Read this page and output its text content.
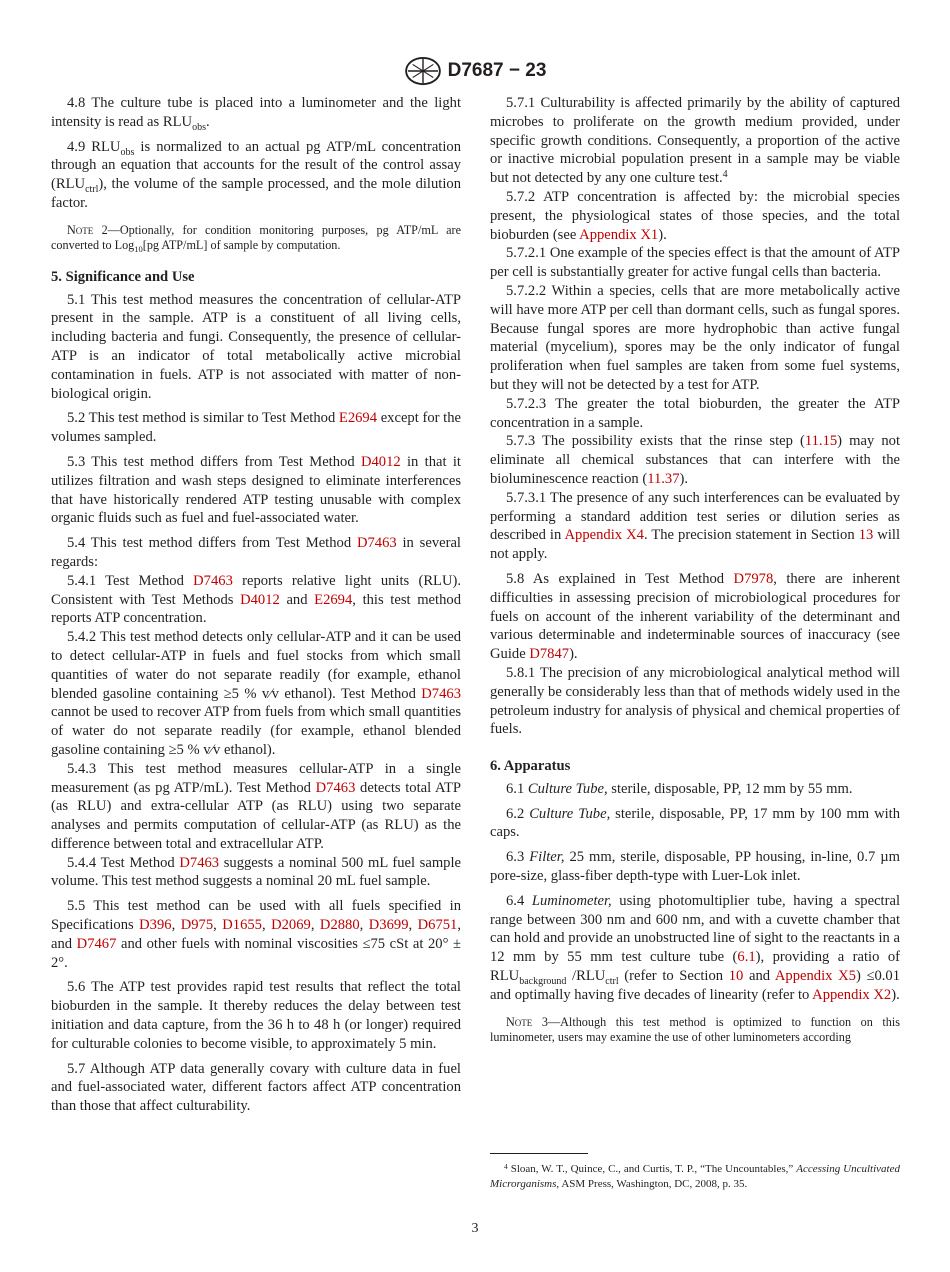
D7687 − 23

4.8 The culture tube is placed into a luminometer and the light intensity is read as $RLU_{obs}$.

4.9 $RLU_{obs}$ is normalized to an actual pg ATP/mL concentration through an equation that accounts for the result of the control assay $(RLU_{ctrl})$, the volume of the sample processed, and the mole dilution factor.

Note 2—Optionally, for condition monitoring purposes, pg ATP/mL are converted to Log$_{10}$[pg ATP/mL] of sample by computation.

5. Significance and Use

5.1 This test method measures the concentration of cellular-ATP present in the sample. ATP is a constituent of all living cells, including bacteria and fungi. Consequently, the presence of cellular-ATP is an indicator of total metabolically active microbial contamination in fuels. ATP is not associated with matter of non-biological origin.

5.2 This test method is similar to Test Method E2694 except for the volumes sampled.

5.3 This test method differs from Test Method D4012 in that it utilizes filtration and wash steps designed to eliminate interferences that have historically rendered ATP testing unusable with complex organic fluids such as fuel and fuel-associated water.

5.4 This test method differs from Test Method D7463 in several regards:

5.4.1 Test Method D7463 reports relative light units (RLU). Consistent with Test Methods D4012 and E2694, this test method reports ATP concentration.

5.4.2 This test method detects only cellular-ATP and it can be used to detect cellular-ATP in fuels and fuel stocks from which small quantities of water do not separate readily (for example, ethanol blended gasoline containing ≥5 % v⁄v ethanol). Test Method D7463 cannot be used to recover ATP from fuels from which small quantities of water do not separate readily (for example, ethanol blended gasoline containing ≥5 % v⁄v ethanol).

5.4.3 This test method measures cellular-ATP in a single measurement (as pg ATP/mL). Test Method D7463 detects total ATP (as RLU) and extra-cellular ATP (as RLU) using two separate analyses and permits computation of cellular-ATP (as RLU) as the difference between total and extracellular ATP.

5.4.4 Test Method D7463 suggests a nominal 500 mL fuel sample volume. This test method suggests a nominal 20 mL fuel sample.

5.5 This test method can be used with all fuels specified in Specifications D396, D975, D1655, D2069, D2880, D3699, D6751, and D7467 and other fuels with nominal viscosities ≤75 cSt at 20° ± 2°.

5.6 The ATP test provides rapid test results that reflect the total bioburden in the sample. It thereby reduces the delay between test initiation and data capture, from the 36 h to 48 h (or longer) required for culturable colonies to become visible, to approximately 5 min.

5.7 Although ATP data generally covary with culture data in fuel and fuel-associated water, different factors affect ATP concentration than those that affect culturability.

5.7.1 Culturability is affected primarily by the ability of captured microbes to proliferate on the growth medium provided, under specific growth conditions. Consequently, a proportion of the active or inactive microbial population present in a sample may be viable but not detected by any one culture test.$^4$

5.7.2 ATP concentration is affected by: the microbial species present, the physiological states of those species, and the total bioburden (see Appendix X1).

5.7.2.1 One example of the species effect is that the amount of ATP per cell is substantially greater for active fungal cells than bacteria.

5.7.2.2 Within a species, cells that are more metabolically active will have more ATP per cell than dormant cells, such as fungal spores. Because fungal spores are more hydrophobic than active fungal material (mycelium), spores may be the only indicator of fungal proliferation when fuel samples are taken from some fuel systems, but they will not be detected by a test for ATP.

5.7.2.3 The greater the total bioburden, the greater the ATP concentration in a sample.

5.7.3 The possibility exists that the rinse step (11.15) may not eliminate all chemical substances that can interfere with the bioluminescence reaction (11.37).

5.7.3.1 The presence of any such interferences can be evaluated by performing a standard addition test series or dilution series as described in Appendix X4. The precision statement in Section 13 will not apply.

5.8 As explained in Test Method D7978, there are inherent difficulties in assessing precision of microbiological procedures for fuels on account of the inherent variability of the determinant and various determinable and indeterminable sources of inaccuracy (see Guide D7847).

5.8.1 The precision of any microbiological analytical method will generally be considerably less than that of methods widely used in the petroleum industry for analysis of physical and chemical properties of fuels.

6. Apparatus

6.1 Culture Tube, sterile, disposable, PP, 12 mm by 55 mm.

6.2 Culture Tube, sterile, disposable, PP, 17 mm by 100 mm with caps.

6.3 Filter, 25 mm, sterile, disposable, PP housing, in-line, 0.7 µm pore-size, glass-fiber depth-type with Luer-Lok inlet.

6.4 Luminometer, using photomultiplier tube, having a spectral range between 300 nm and 600 nm, and with a cuvette chamber that can hold and provide an unobstructed line of sight to the reactants in a 12 mm by 55 mm test culture tube (6.1), providing a ratio of $RLU_{background}$ $/RLU_{ctrl}$ (refer to Section 10 and Appendix X5) ≤0.01 and optimally having five decades of linearity (refer to Appendix X2).

Note 3—Although this test method is optimized to function on this luminometer, users may examine the use of other luminometers according

$^4$ Sloan, W. T., Quince, C., and Curtis, T. P., “The Uncountables,” Accessing Uncultivated Microrganisms, ASM Press, Washington, DC, 2008, p. 35.
3
